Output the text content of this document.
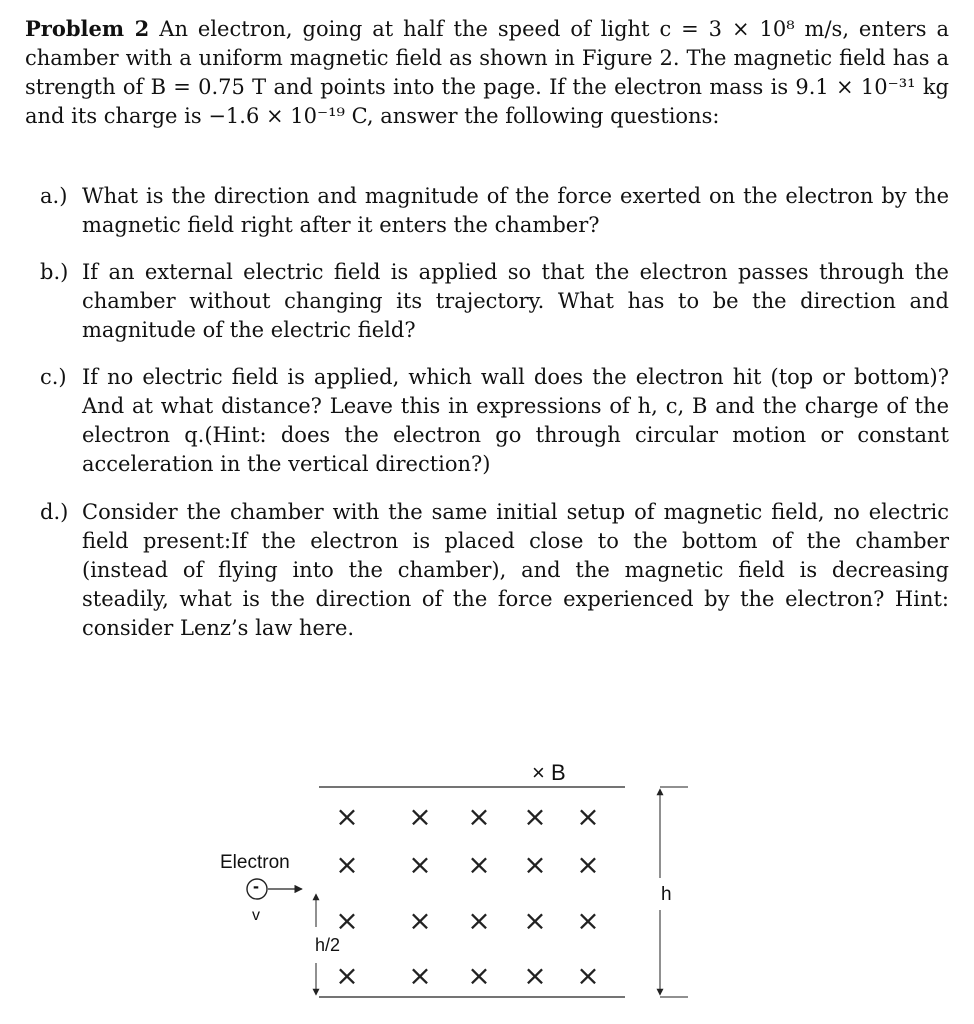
Problem 2 An electron, going at half the speed of light c = 3 × 10⁸ m/s, enters a chamber with a uniform magnetic field as shown in Figure 2. The magnetic field has a strength of B = 0.75 T and points into the page. If the electron mass is 9.1 × 10⁻³¹ kg and its charge is −1.6 × 10⁻¹⁹ C, answer the following questions:

a.) What is the direction and magnitude of the force exerted on the electron by the magnetic field right after it enters the chamber?
b.) If an external electric field is applied so that the electron passes through the chamber without changing its trajectory. What has to be the direction and magnitude of the electric field?
c.) If no electric field is applied, which wall does the electron hit (top or bottom)? And at what distance? Leave this in expressions of h, c, B and the charge of the electron q.(Hint: does the electron go through circular motion or constant acceleration in the vertical direction?)
d.) Consider the chamber with the same initial setup of magnetic field, no electric field present:If the electron is placed close to the bottom of the chamber (instead of flying into the chamber), and the magnetic field is decreasing steadily, what is the direction of the force experienced by the electron? Hint: consider Lenz’s law here.
× × × × ×
× × × × ×
× × × × ×
× × × × ×
× B
Electron
-
v
h
h/2
